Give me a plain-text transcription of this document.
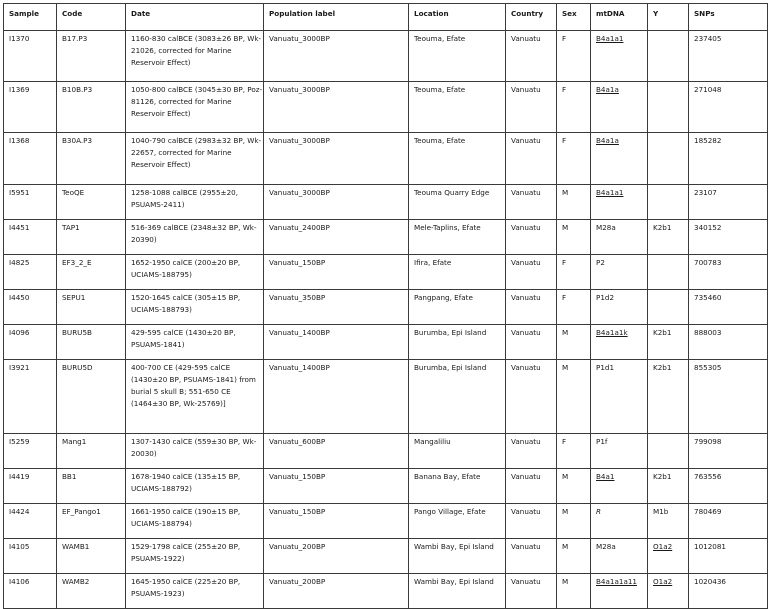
Sample	Code	Date	Population label	Location	Country	Sex	mtDNA	Y	SNPs
I1370	B17.P3	1160-830 calBCE (3083±26 BP, Wk-21026, corrected for Marine Reservoir Effect)	Vanuatu_3000BP	Teouma, Efate	Vanuatu	F	B4a1a1		237405
I1369	B10B.P3	1050-800 calBCE (3045±30 BP, Poz-81126, corrected for Marine Reservoir Effect)	Vanuatu_3000BP	Teouma, Efate	Vanuatu	F	B4a1a		271048
I1368	B30A.P3	1040-790 calBCE (2983±32 BP, Wk-22657, corrected for Marine Reservoir Effect)	Vanuatu_3000BP	Teouma, Efate	Vanuatu	F	B4a1a		185282
I5951	TeoQE	1258-1088 calBCE (2955±20, PSUAMS-2411)	Vanuatu_3000BP	Teouma Quarry Edge	Vanuatu	M	B4a1a1		23107
I4451	TAP1	516-369 calBCE (2348±32 BP, Wk-20390)	Vanuatu_2400BP	Mele-Taplins, Efate	Vanuatu	M	M28a	K2b1	340152
I4825	EF3_2_E	1652-1950 calCE (200±20 BP, UCIAMS-188795)	Vanuatu_150BP	Ifira, Efate	Vanuatu	F	P2		700783
I4450	SEPU1	1520-1645 calCE (305±15 BP, UCIAMS-188793)	Vanuatu_350BP	Pangpang, Efate	Vanuatu	F	P1d2		735460
I4096	BURU5B	429-595 calCE (1430±20 BP, PSUAMS-1841)	Vanuatu_1400BP	Burumba, Epi Island	Vanuatu	M	B4a1a1k	K2b1	888003
I3921	BURU5D	400-700 CE (429-595 calCE (1430±20 BP, PSUAMS-1841) from burial 5 skull B; 551-650 CE (1464±30 BP, Wk-25769)]	Vanuatu_1400BP	Burumba, Epi Island	Vanuatu	M	P1d1	K2b1	855305
I5259	Mang1	1307-1430 calCE (559±30 BP, Wk-20030)	Vanuatu_600BP	Mangaliliu	Vanuatu	F	P1f		799098
I4419	BB1	1678-1940 calCE (135±15 BP, UCIAMS-188792)	Vanuatu_150BP	Banana Bay, Efate	Vanuatu	M	B4a1	K2b1	763556
I4424	EF_Pango1	1661-1950 calCE (190±15 BP, UCIAMS-188794)	Vanuatu_150BP	Pango Village, Efate	Vanuatu	M	R	M1b	780469
I4105	WAMB1	1529-1798 calCE (255±20 BP, PSUAMS-1922)	Vanuatu_200BP	Wambi Bay, Epi Island	Vanuatu	M	M28a	O1a2	1012081
I4106	WAMB2	1645-1950 calCE (225±20 BP, PSUAMS-1923)	Vanuatu_200BP	Wambi Bay, Epi Island	Vanuatu	M	B4a1a1a11	O1a2	1020436
